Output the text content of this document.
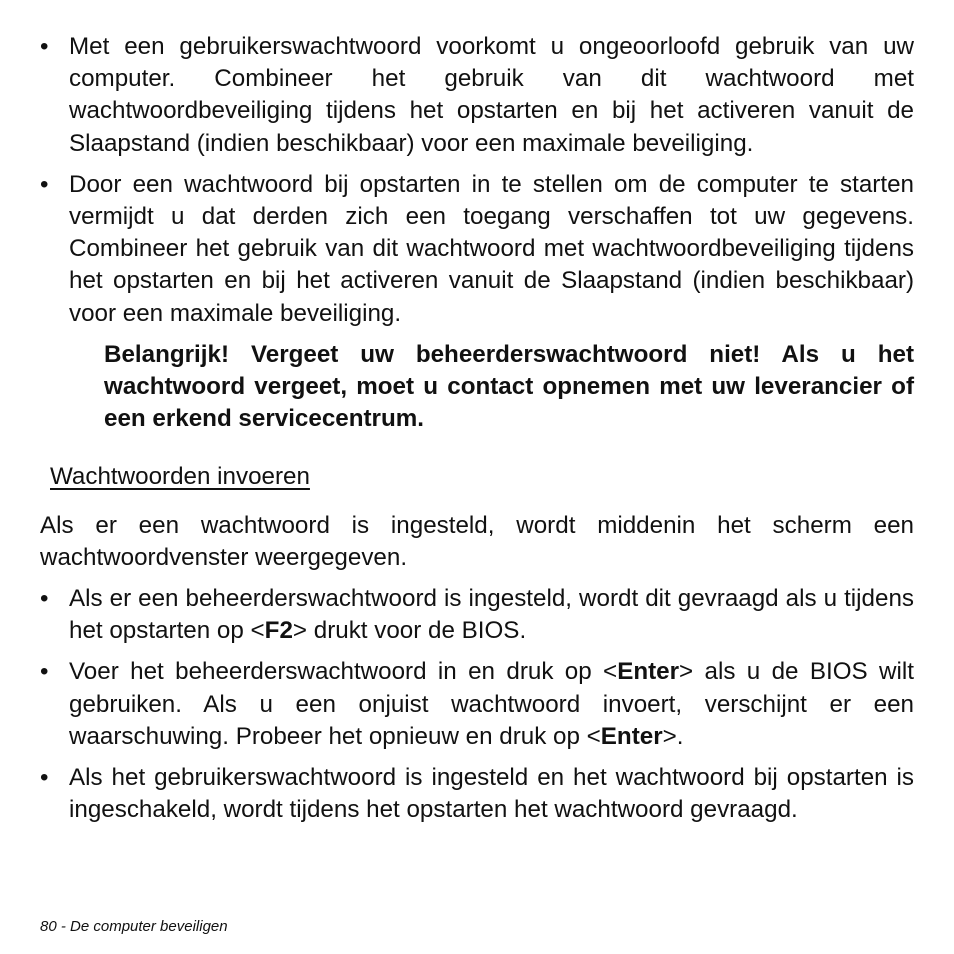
• Met een gebruikerswachtwoord voorkomt u ongeoorloofd gebruik van uw computer. Combineer het gebruik van dit wachtwoord met wachtwoordbeveiliging tijdens het opstarten en bij het activeren vanuit de Slaapstand (indien beschikbaar) voor een maximale beveiliging.
• Door een wachtwoord bij opstarten in te stellen om de computer te starten vermijdt u dat derden zich een toegang verschaffen tot uw gegevens. Combineer het gebruik van dit wachtwoord met wachtwoordbeveiliging tijdens het opstarten en bij het activeren vanuit de Slaapstand (indien beschikbaar) voor een maximale beveiliging.

Belangrijk! Vergeet uw beheerderswachtwoord niet! Als u het wachtwoord vergeet, moet u contact opnemen met uw leverancier of een erkend servicecentrum.

Wachtwoorden invoeren

Als er een wachtwoord is ingesteld, wordt middenin het scherm een wachtwoordvenster weergegeven.

• Als er een beheerderswachtwoord is ingesteld, wordt dit gevraagd als u tijdens het opstarten op <F2> drukt voor de BIOS.
• Voer het beheerderswachtwoord in en druk op <Enter> als u de BIOS wilt gebruiken. Als u een onjuist wachtwoord invoert, verschijnt er een waarschuwing. Probeer het opnieuw en druk op <Enter>.
• Als het gebruikerswachtwoord is ingesteld en het wachtwoord bij opstarten is ingeschakeld, wordt tijdens het opstarten het wachtwoord gevraagd.
80 - De computer beveiligen
